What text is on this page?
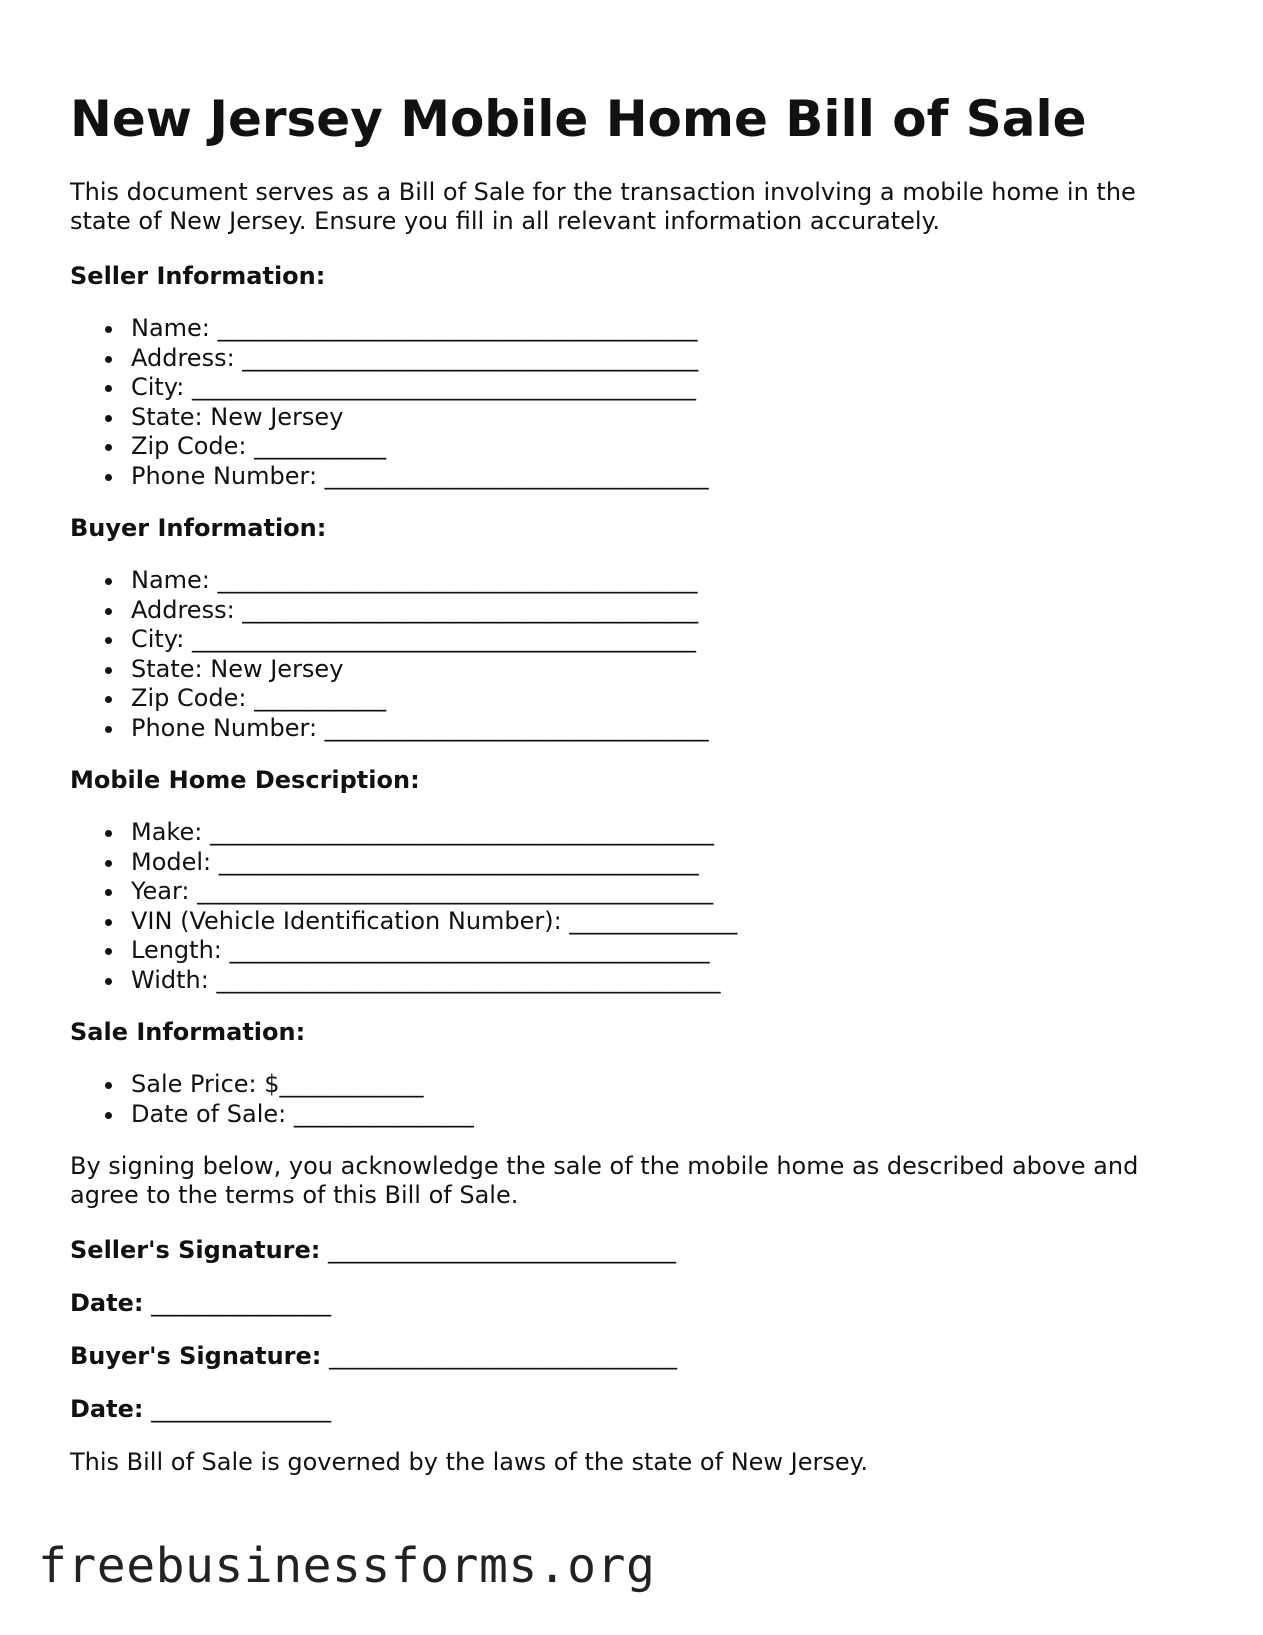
New Jersey Mobile Home Bill of Sale

This document serves as a Bill of Sale for the transaction involving a mobile home in the state of New Jersey. Ensure you fill in all relevant information accurately.

Seller Information:

Name: ________________________________________
Address: ______________________________________
City: __________________________________________
State: New Jersey
Zip Code: ___________
Phone Number: ________________________________

Buyer Information:

Name: ________________________________________
Address: ______________________________________
City: __________________________________________
State: New Jersey
Zip Code: ___________
Phone Number: ________________________________

Mobile Home Description:

Make: __________________________________________
Model: ________________________________________
Year: ___________________________________________
VIN (Vehicle Identification Number): ______________
Length: ________________________________________
Width: __________________________________________

Sale Information:

Sale Price: $____________
Date of Sale: _______________

By signing below, you acknowledge the sale of the mobile home as described above and agree to the terms of this Bill of Sale.

Seller's Signature: _____________________________
Date: _______________
Buyer's Signature: _____________________________
Date: _______________

This Bill of Sale is governed by the laws of the state of New Jersey.

freebusinessforms.org
